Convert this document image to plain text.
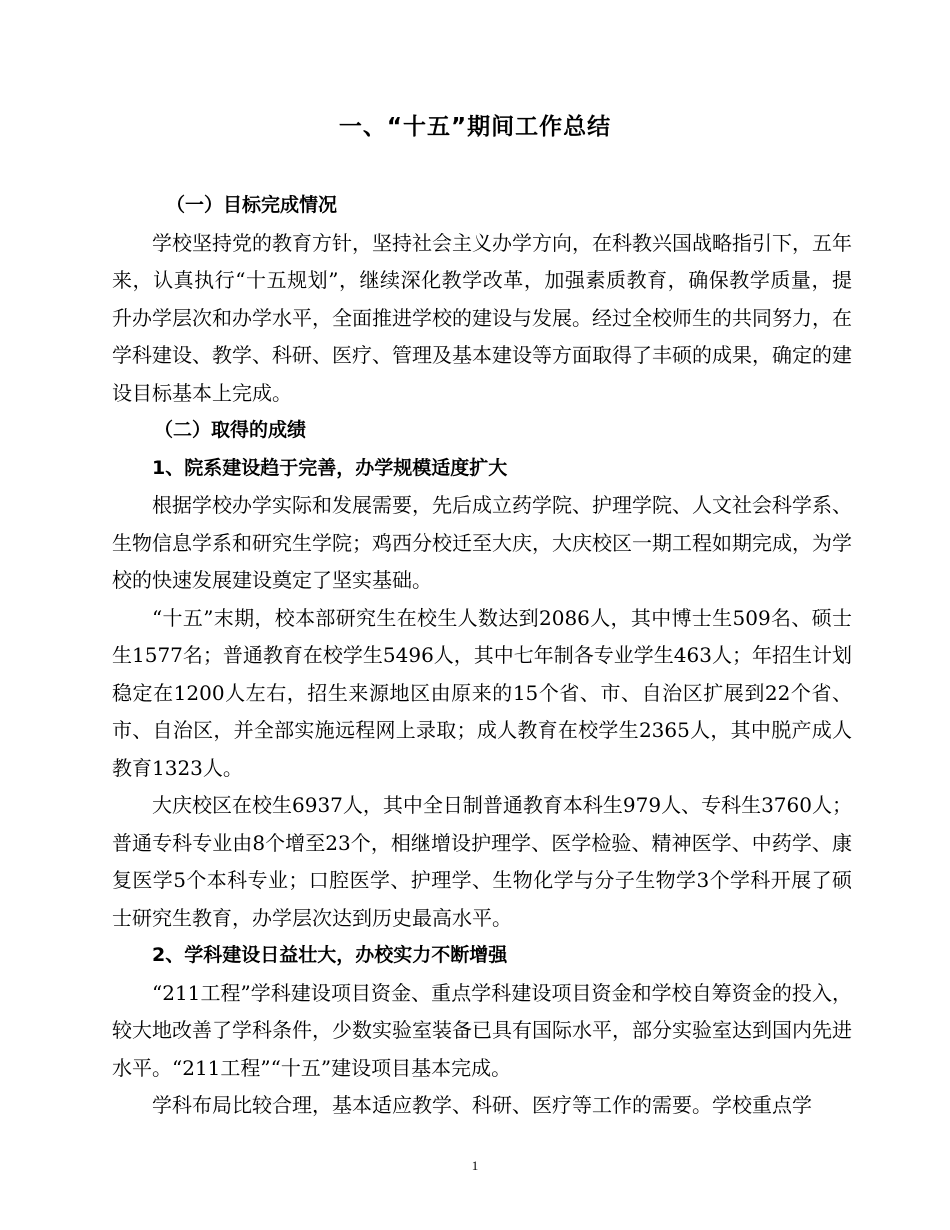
一、“十五”期间工作总结
（一）目标完成情况

学校坚持党的教育方针，坚持社会主义办学方向，在科教兴国战略指引下，五年来，认真执行“十五规划”，继续深化教学改革，加强素质教育，确保教学质量，提升办学层次和办学水平，全面推进学校的建设与发展。经过全校师生的共同努力，在学科建设、教学、科研、医疗、管理及基本建设等方面取得了丰硕的成果，确定的建设目标基本上完成。

（二）取得的成绩
1、院系建设趋于完善，办学规模适度扩大

根据学校办学实际和发展需要，先后成立药学院、护理学院、人文社会科学系、生物信息学系和研究生学院；鸡西分校迁至大庆，大庆校区一期工程如期完成，为学校的快速发展建设奠定了坚实基础。

“十五”末期，校本部研究生在校生人数达到2086人，其中博士生509名、硕士生1577名；普通教育在校学生5496人，其中七年制各专业学生463人；年招生计划稳定在1200人左右，招生来源地区由原来的15个省、市、自治区扩展到22个省、市、自治区，并全部实施远程网上录取；成人教育在校学生2365人，其中脱产成人教育1323人。

大庆校区在校生6937人，其中全日制普通教育本科生979人、专科生3760人；普通专科专业由8个增至23个，相继增设护理学、医学检验、精神医学、中药学、康复医学5个本科专业；口腔医学、护理学、生物化学与分子生物学3个学科开展了硕士研究生教育，办学层次达到历史最高水平。

2、学科建设日益壮大，办校实力不断增强

“211工程”学科建设项目资金、重点学科建设项目资金和学校自筹资金的投入，较大地改善了学科条件，少数实验室装备已具有国际水平，部分实验室达到国内先进水平。“211工程”“十五”建设项目基本完成。

学科布局比较合理，基本适应教学、科研、医疗等工作的需要。学校重点学

1
